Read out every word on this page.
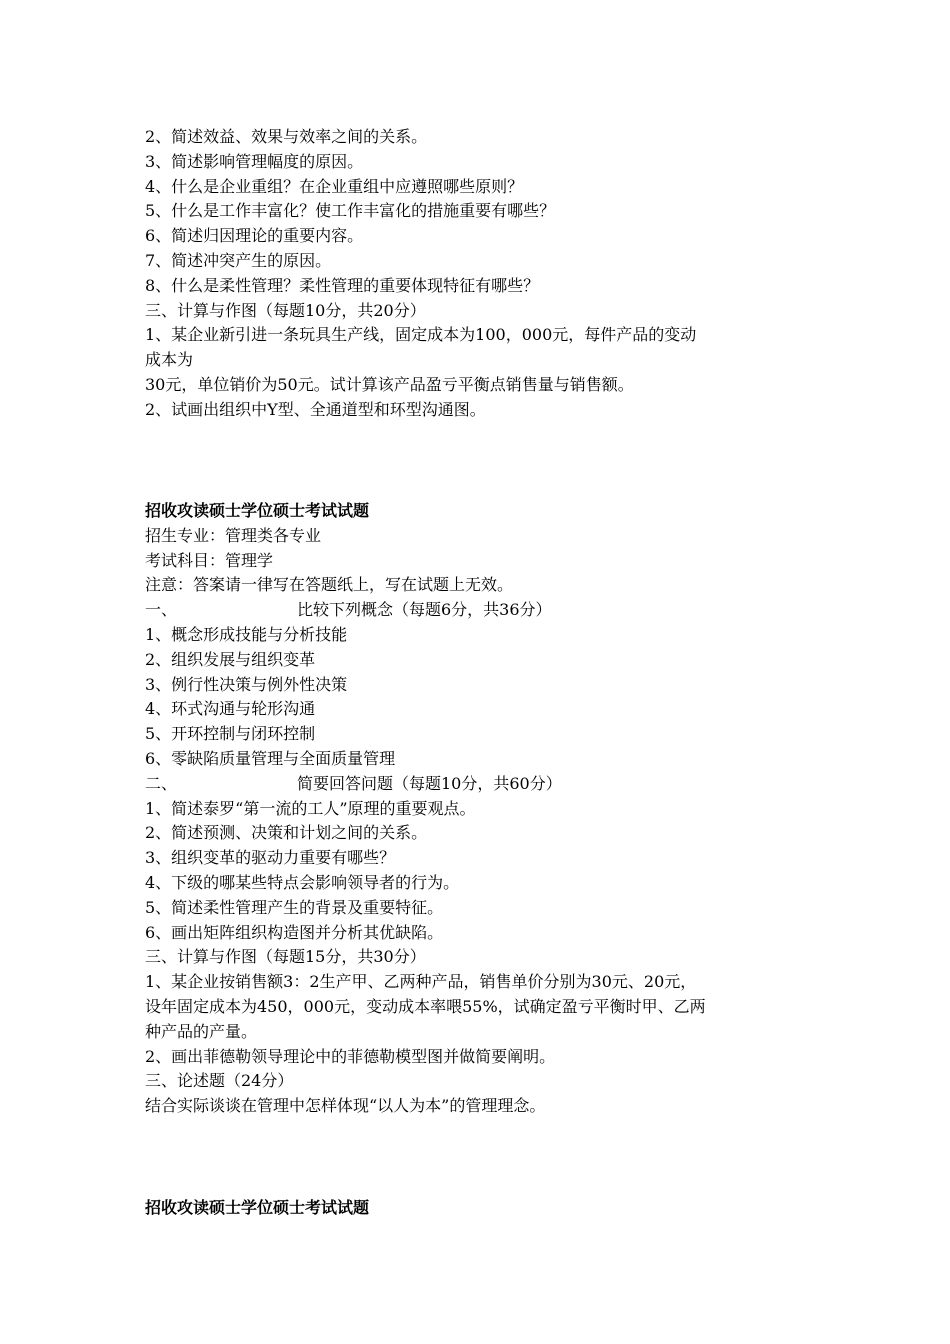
2、简述效益、效果与效率之间的关系。
3、简述影响管理幅度的原因。
4、什么是企业重组？在企业重组中应遵照哪些原则？
5、什么是工作丰富化？使工作丰富化的措施重要有哪些？
6、简述归因理论的重要内容。
7、简述冲突产生的原因。
8、什么是柔性管理？柔性管理的重要体现特征有哪些？
三、计算与作图（每题10分，共20分）
1、某企业新引进一条玩具生产线，固定成本为100，000元，每件产品的变动
成本为
30元，单位销价为50元。试计算该产品盈亏平衡点销售量与销售额。
2、试画出组织中Y型、全通道型和环型沟通图。
招收攻读硕士学位硕士考试试题
招生专业：管理类各专业
考试科目：管理学
注意：答案请一律写在答题纸上，写在试题上无效。
一、	比较下列概念（每题6分，共36分）
1、概念形成技能与分析技能
2、组织发展与组织变革
3、例行性决策与例外性决策
4、环式沟通与轮形沟通
5、开环控制与闭环控制
6、零缺陷质量管理与全面质量管理
二、	简要回答问题（每题10分，共60分）
1、简述泰罗“第一流的工人”原理的重要观点。
2、简述预测、决策和计划之间的关系。
3、组织变革的驱动力重要有哪些？
4、下级的哪某些特点会影响领导者的行为。
5、简述柔性管理产生的背景及重要特征。
6、画出矩阵组织构造图并分析其优缺陷。
三、计算与作图（每题15分，共30分）
1、某企业按销售额3：2生产甲、乙两种产品，销售单价分别为30元、20元，
设年固定成本为450，000元，变动成本率喂55%，试确定盈亏平衡时甲、乙两
种产品的产量。
2、画出菲德勒领导理论中的菲德勒模型图并做简要阐明。
三、论述题（24分）
结合实际谈谈在管理中怎样体现“以人为本”的管理理念。
招收攻读硕士学位硕士考试试题
